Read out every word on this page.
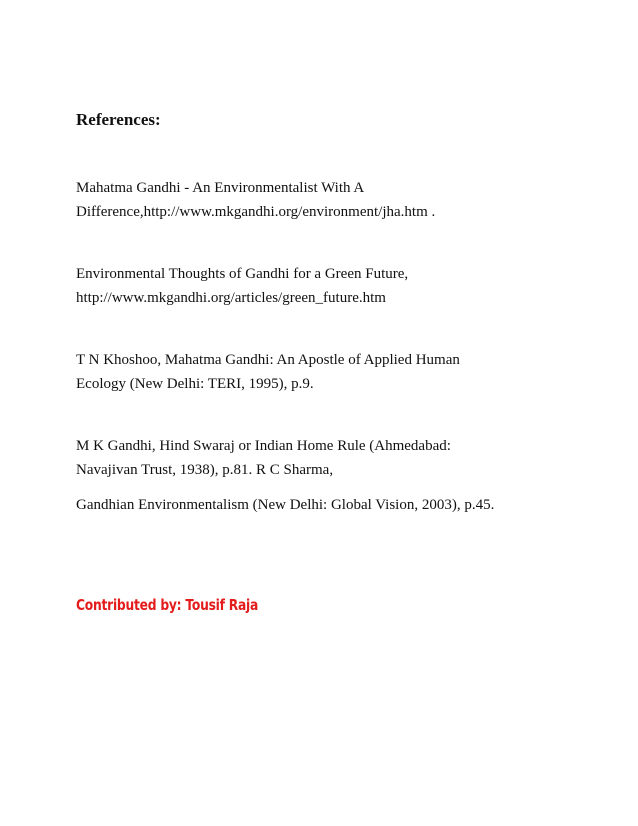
References:

Mahatma Gandhi - An Environmentalist With A
Difference,http://www.mkgandhi.org/environment/jha.htm .

Environmental Thoughts of Gandhi for a Green Future,
http://www.mkgandhi.org/articles/green_future.htm

T N Khoshoo, Mahatma Gandhi: An Apostle of Applied Human
Ecology (New Delhi: TERI, 1995), p.9.

M K Gandhi, Hind Swaraj or Indian Home Rule (Ahmedabad:
Navajivan Trust, 1938), p.81. R C Sharma,

Gandhian Environmentalism (New Delhi: Global Vision, 2003), p.45.

Contributed by: Tousif Raja
